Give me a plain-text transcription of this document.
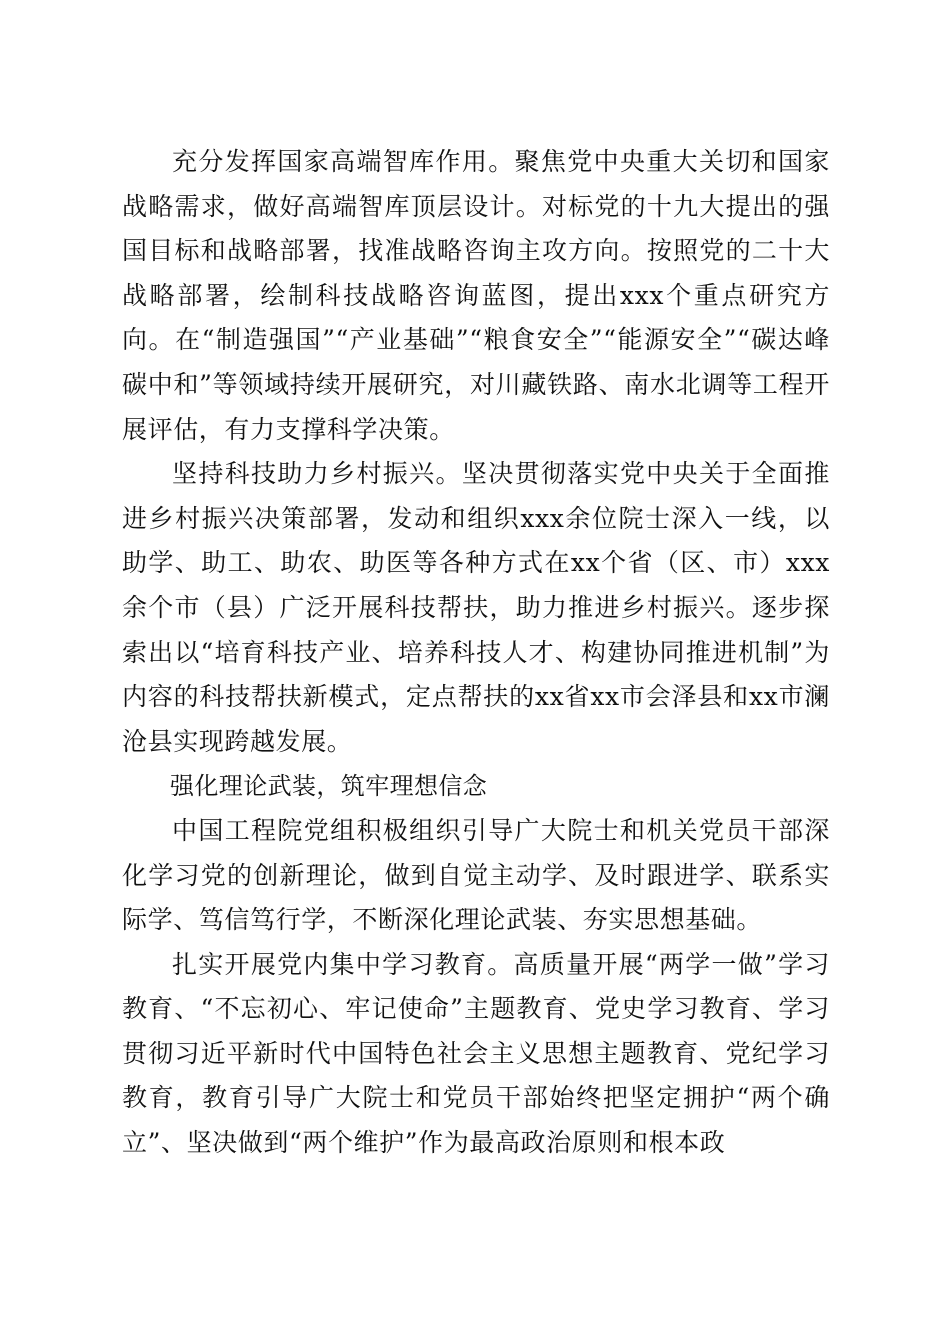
充分发挥国家高端智库作用。聚焦党中央重大关切和国家战略需求，做好高端智库顶层设计。对标党的十九大提出的强国目标和战略部署，找准战略咨询主攻方向。按照党的二十大战略部署，绘制科技战略咨询蓝图，提出xxx个重点研究方向。在“制造强国”“产业基础”“粮食安全”“能源安全”“碳达峰碳中和”等领域持续开展研究，对川藏铁路、南水北调等工程开展评估，有力支撑科学决策。

坚持科技助力乡村振兴。坚决贯彻落实党中央关于全面推进乡村振兴决策部署，发动和组织xxx余位院士深入一线，以助学、助工、助农、助医等各种方式在xx个省（区、市）xxx余个市（县）广泛开展科技帮扶，助力推进乡村振兴。逐步探索出以“培育科技产业、培养科技人才、构建协同推进机制”为内容的科技帮扶新模式，定点帮扶的xx省xx市会泽县和xx市澜沧县实现跨越发展。

强化理论武装，筑牢理想信念

中国工程院党组积极组织引导广大院士和机关党员干部深化学习党的创新理论，做到自觉主动学、及时跟进学、联系实际学、笃信笃行学，不断深化理论武装、夯实思想基础。

扎实开展党内集中学习教育。高质量开展“两学一做”学习教育、“不忘初心、牢记使命”主题教育、党史学习教育、学习贯彻习近平新时代中国特色社会主义思想主题教育、党纪学习教育，教育引导广大院士和党员干部始终把坚定拥护“两个确立”、坚决做到“两个维护”作为最高政治原则和根本政
